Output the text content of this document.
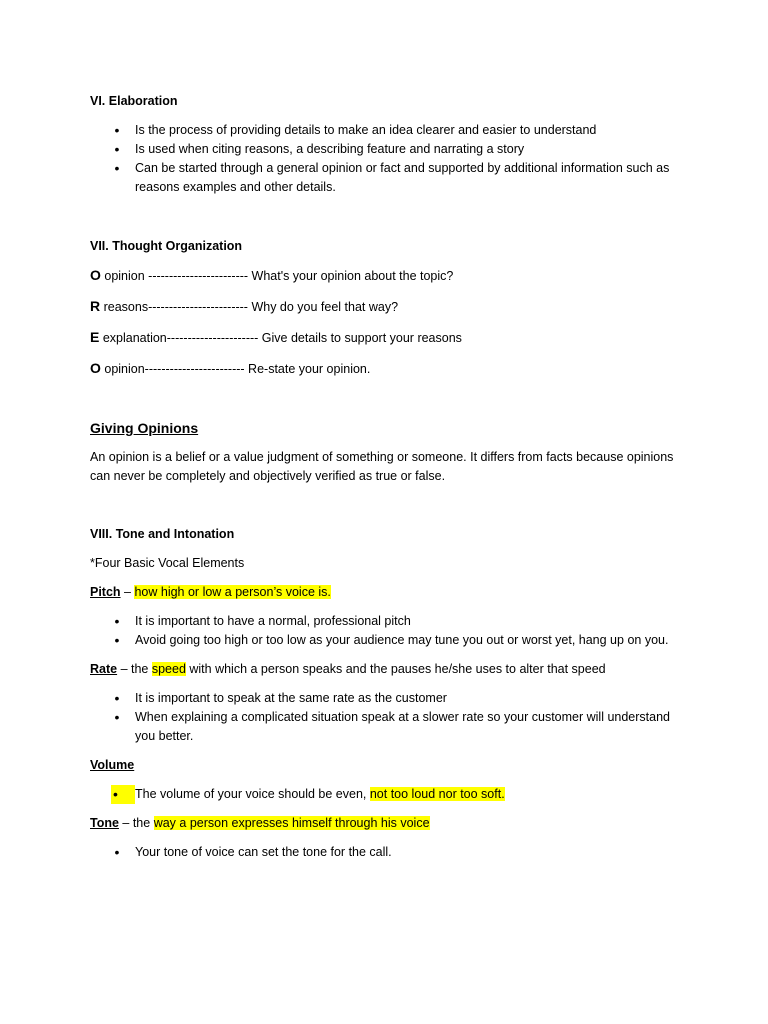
VI. Elaboration

• Is the process of providing details to make an idea clearer and easier to understand
• Is used when citing reasons, a describing feature and narrating a story
• Can be started through a general opinion or fact and supported by additional information such as reasons examples and other details.

VII. Thought Organization

O opinion ------------------------ What's your opinion about the topic?

R reasons------------------------ Why do you feel that way?

E explanation---------------------- Give details to support your reasons

O opinion------------------------ Re-state your opinion.

Giving Opinions

An opinion is a belief or a value judgment of something or someone. It differs from facts because opinions can never be completely and objectively verified as true or false.

VIII. Tone and Intonation

*Four Basic Vocal Elements

Pitch – how high or low a person’s voice is.

• It is important to have a normal, professional pitch
• Avoid going too high or too low as your audience may tune you out or worst yet, hang up on you.

Rate – the speed with which a person speaks and the pauses he/she uses to alter that speed

• It is important to speak at the same rate as the customer
• When explaining a complicated situation speak at a slower rate so your customer will understand you better.

Volume

•	The volume of your voice should be even, not too loud nor too soft.

Tone – the way a person expresses himself through his voice

• Your tone of voice can set the tone for the call.
